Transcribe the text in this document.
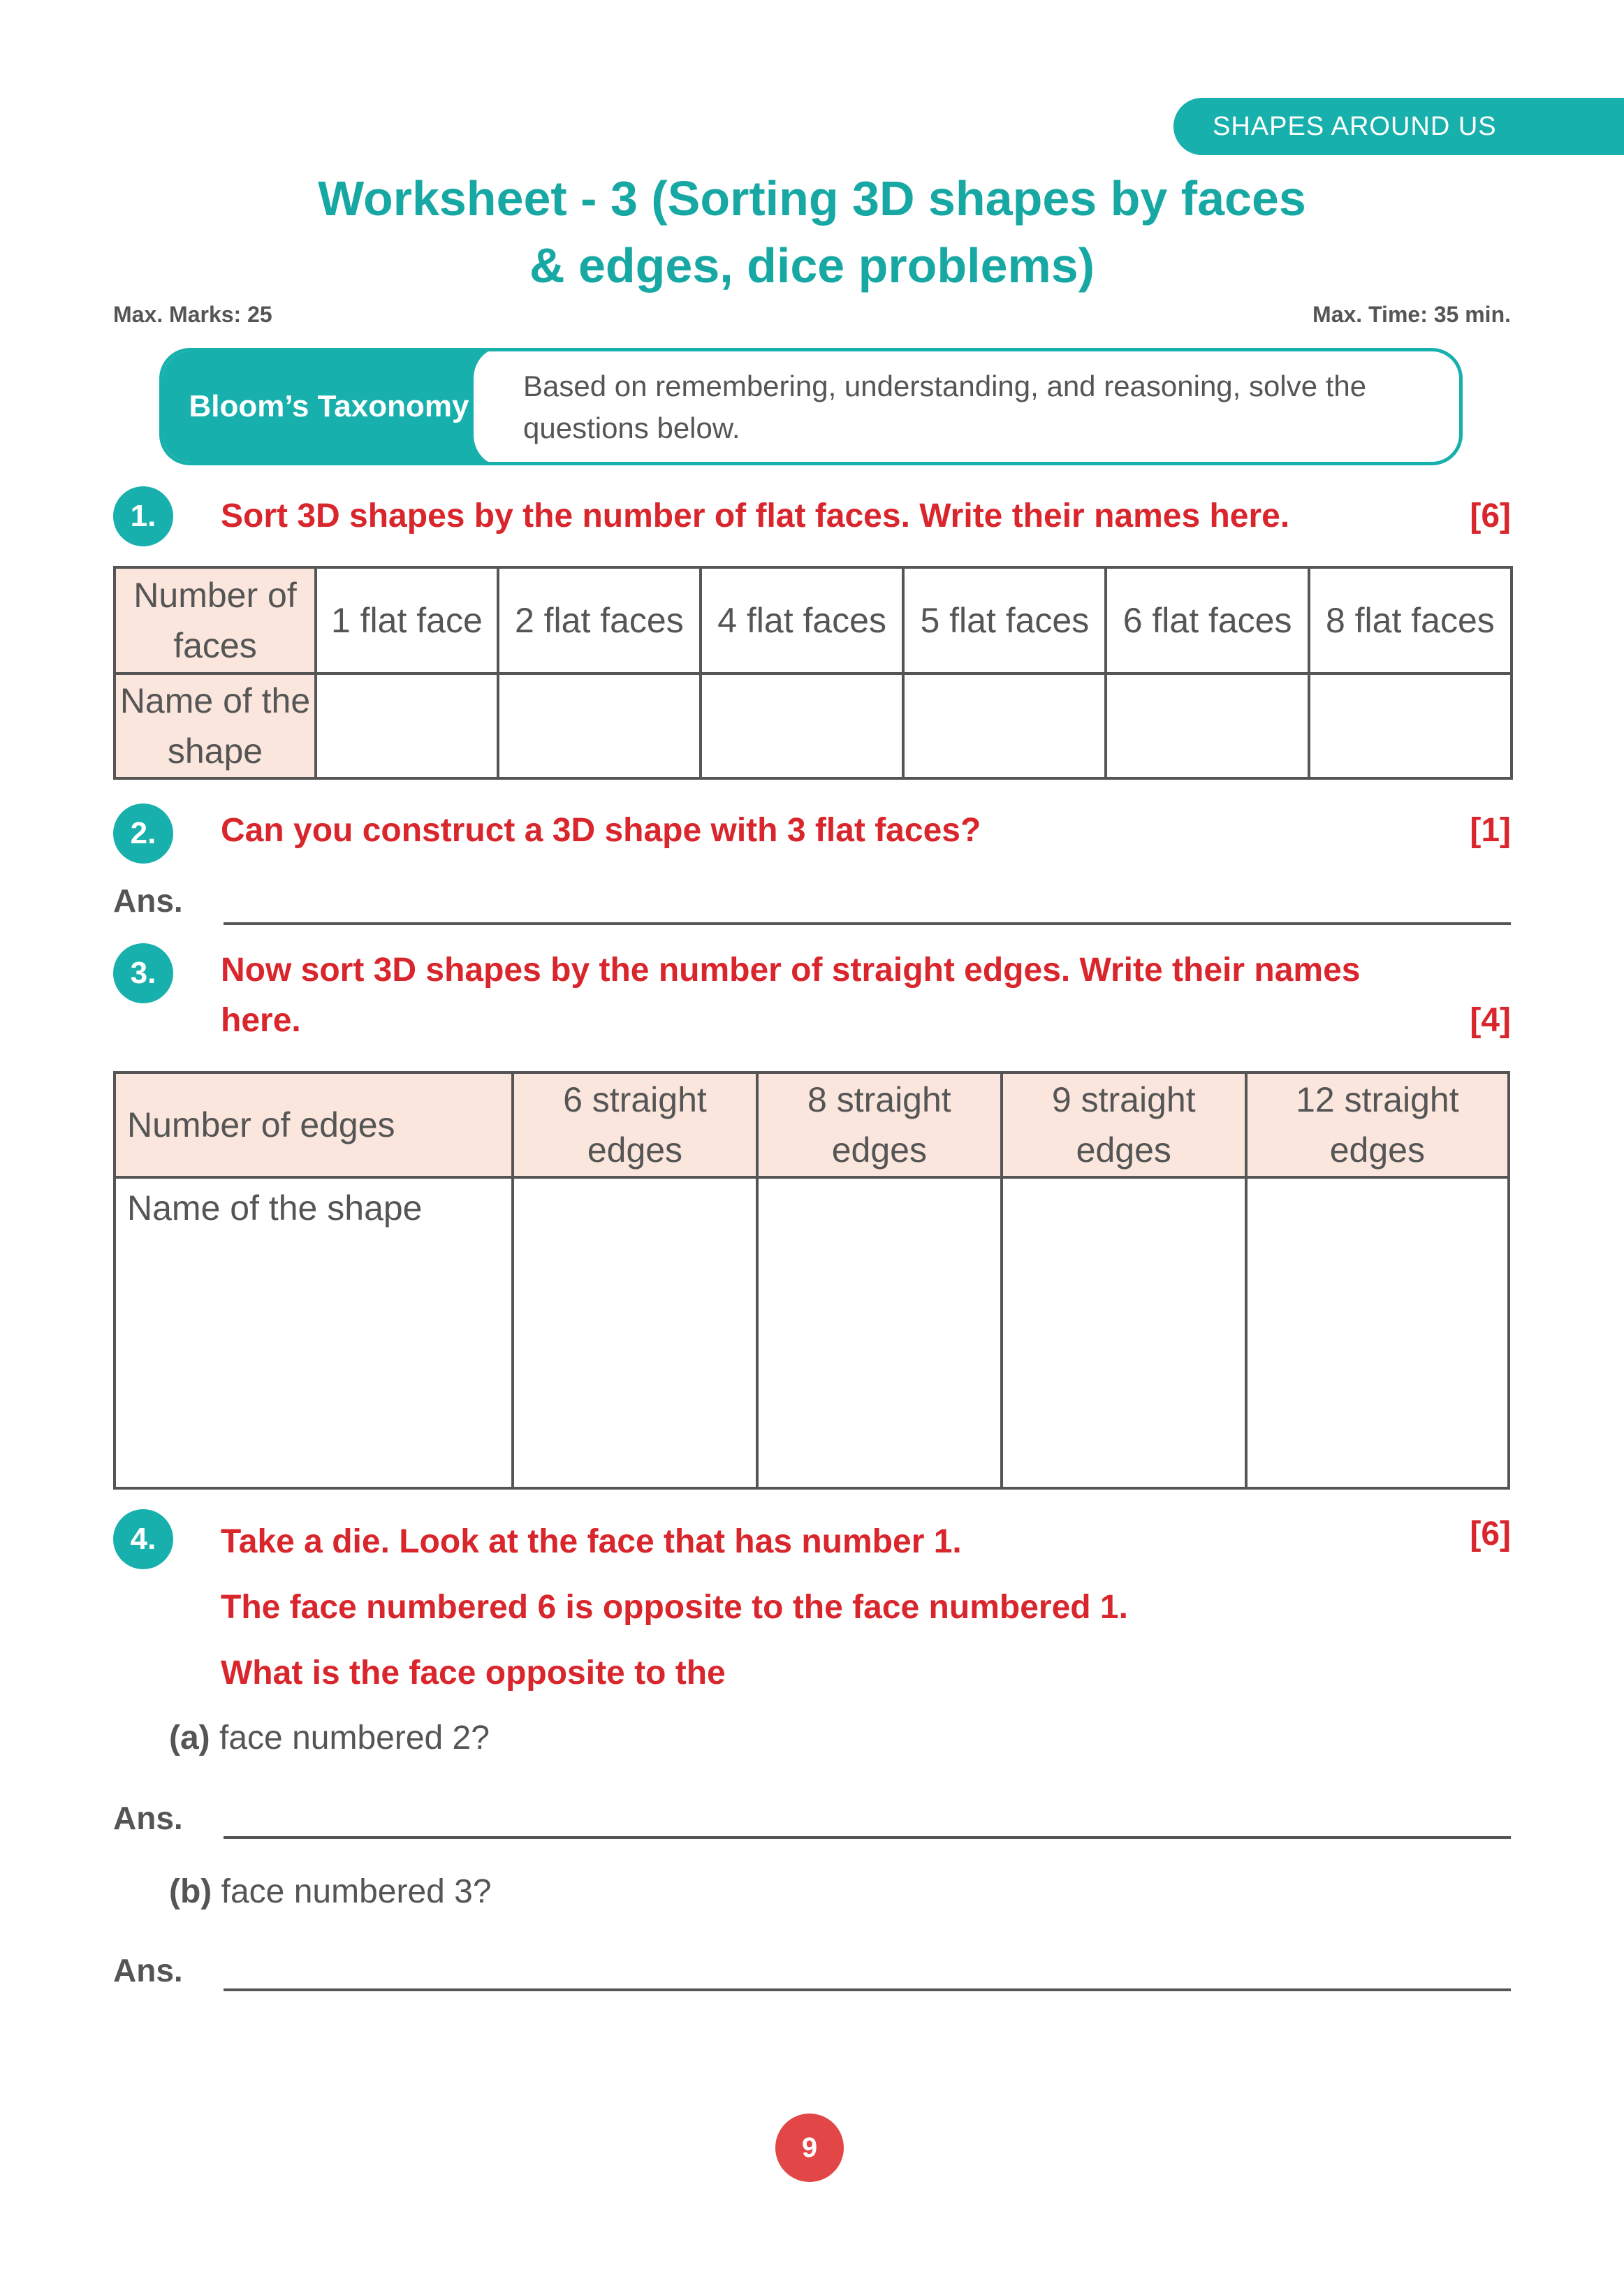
SHAPES AROUND US
Worksheet - 3 (Sorting 3D shapes by faces
& edges, dice problems)
Max. Marks: 25	Max. Time: 35 min.
Bloom’s Taxonomy
Based on remembering, understanding, and reasoning, solve the questions below.
1.	Sort 3D shapes by the number of flat faces. Write their names here.	[6]
Number of faces	1 flat face	2 flat faces	4 flat faces	5 flat faces	6 flat faces	8 flat faces
Name of the shape						
2.	Can you construct a 3D shape with 3 flat faces?	[1]
Ans.
3.	Now sort 3D shapes by the number of straight edges. Write their names
here.	[4]
Number of edges	6 straight edges	8 straight edges	9 straight edges	12 straight edges
Name of the shape				
4.	Take a die. Look at the face that has number 1.
The face numbered 6 is opposite to the face numbered 1.
What is the face opposite to the
[6]
(a) face numbered 2?
Ans.
(b) face numbered 3?
Ans.
9
